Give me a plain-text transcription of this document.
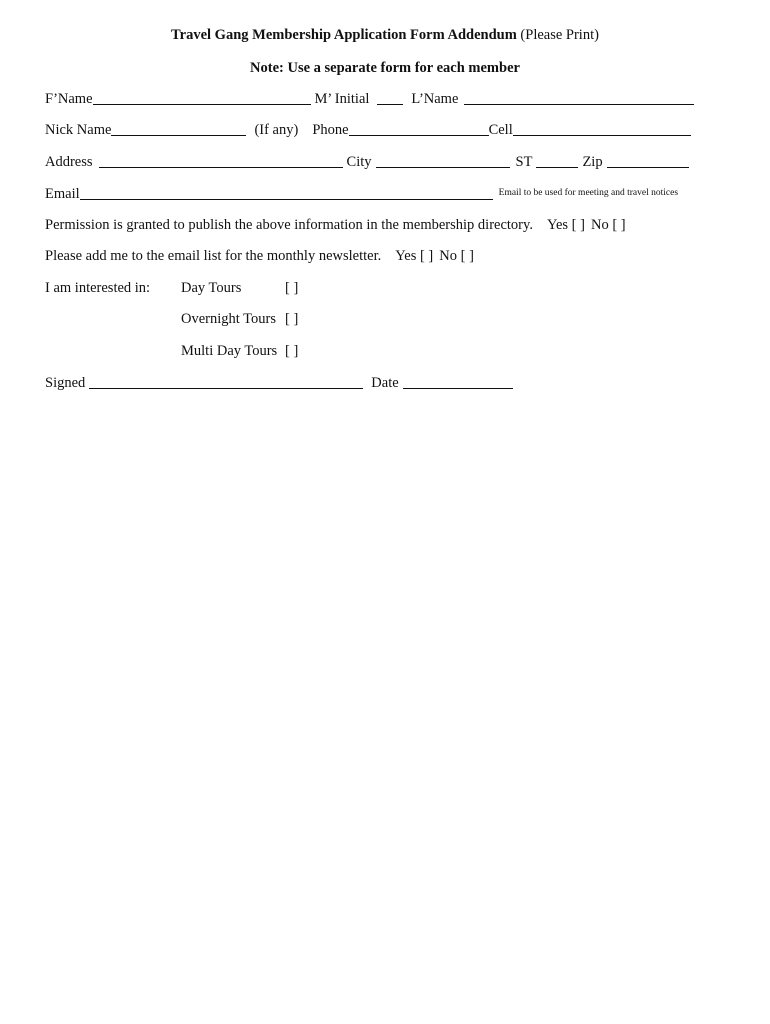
Travel Gang Membership Application Form Addendum
(Please Print)
Note: Use a separate form for each member
F’Name	M’ Initial	L’Name
Nick Name	(If any) Phone	Cell
Address	City	ST	Zip
Email	Email to be used for meeting and travel notices
Permission is granted to publish the above information in the membership directory. Yes [ ] No [ ]
Please add me to the email list for the monthly newsletter. Yes [ ] No [ ]
I am interested in: Day Tours	[ ]
Overnight Tours [ ]
Multi Day Tours [ ]
Signed	Date
